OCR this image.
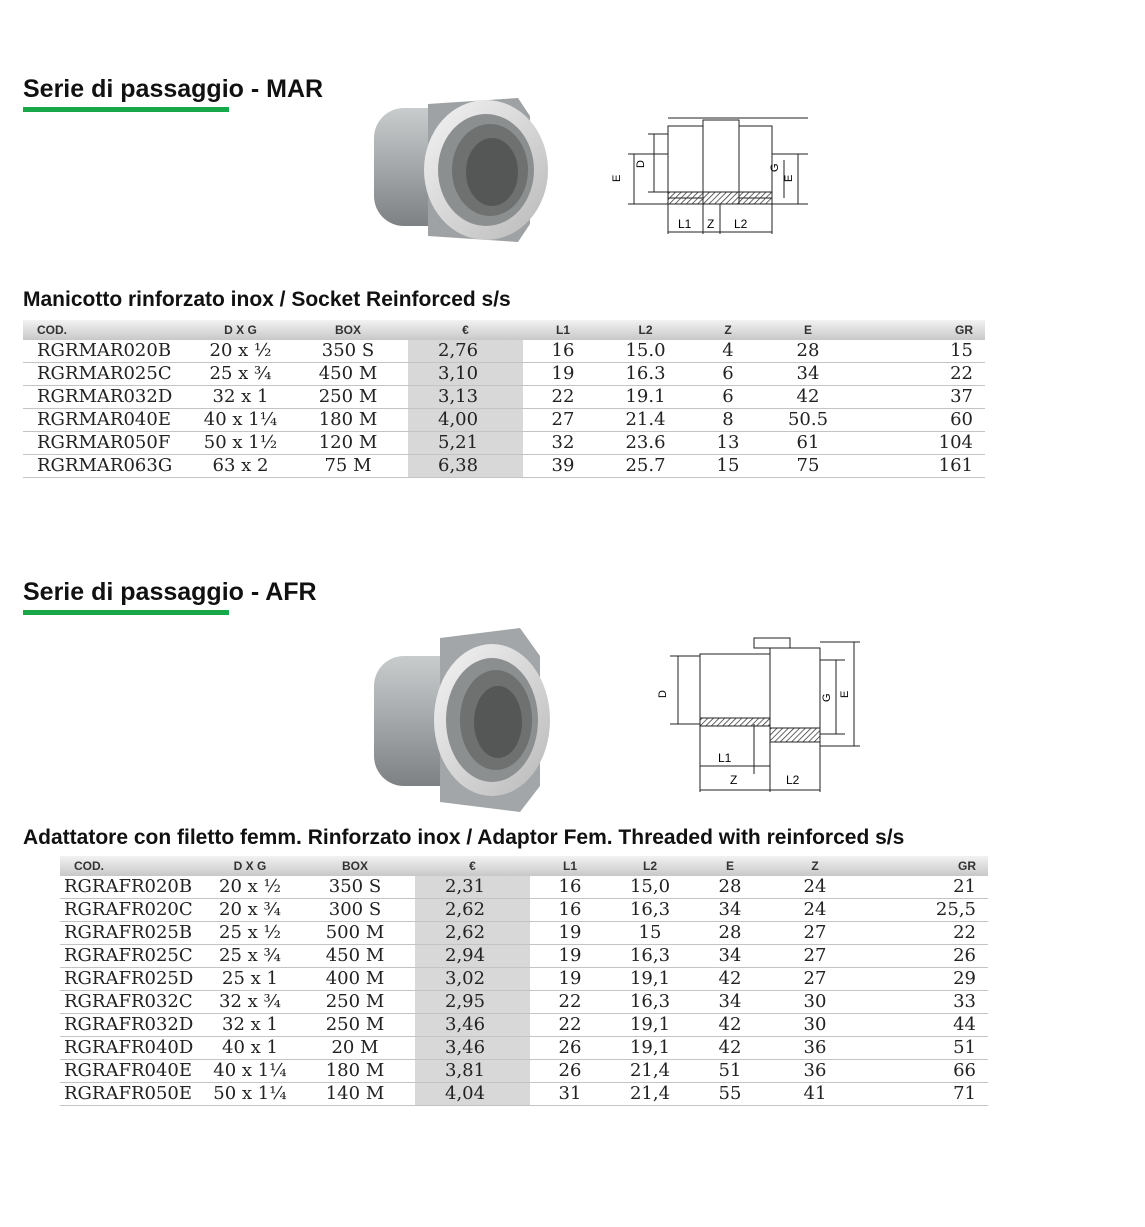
Serie di passaggio - MAR
E
D	G
E
L1 Z L2
Manicotto rinforzato inox / Socket Reinforced s/s
COD.	D X G	BOX	€	L1	L2	Z	E	GR
RGRMAR020B	20 x ½	350 S	2,76	16	15.0	4	28	15
RGRMAR025C	25 x ¾	450 M	3,10	19	16.3	6	34	22
RGRMAR032D	32 x 1	250 M	3,13	22	19.1	6	42	37
RGRMAR040E	40 x 1¼	180 M	4,00	27	21.4	8	50.5	60
RGRMAR050F	50 x 1½	120 M	5,21	32	23.6	13	61	104
RGRMAR063G	63 x 2	75 M	6,38	39	25.7	15	75	161
Serie di passaggio - AFR
D	G E
L1
Z	L2
Adattatore con filetto femm. Rinforzato inox / Adaptor Fem. Threaded with reinforced s/s
COD.	D X G	BOX	€	L1	L2	E	Z	GR
RGRAFR020B	20 x ½	350 S	2,31	16	15,0	28	24	21
RGRAFR020C	20 x ¾	300 S	2,62	16	16,3	34	24	25,5
RGRAFR025B	25 x ½	500 M	2,62	19	15	28	27	22
RGRAFR025C	25 x ¾	450 M	2,94	19	16,3	34	27	26
RGRAFR025D	25 x 1	400 M	3,02	19	19,1	42	27	29
RGRAFR032C	32 x ¾	250 M	2,95	22	16,3	34	30	33
RGRAFR032D	32 x 1	250 M	3,46	22	19,1	42	30	44
RGRAFR040D	40 x 1	20 M	3,46	26	19,1	42	36	51
RGRAFR040E	40 x 1¼	180 M	3,81	26	21,4	51	36	66
RGRAFR050E	50 x 1¼	140 M	4,04	31	21,4	55	41	71
